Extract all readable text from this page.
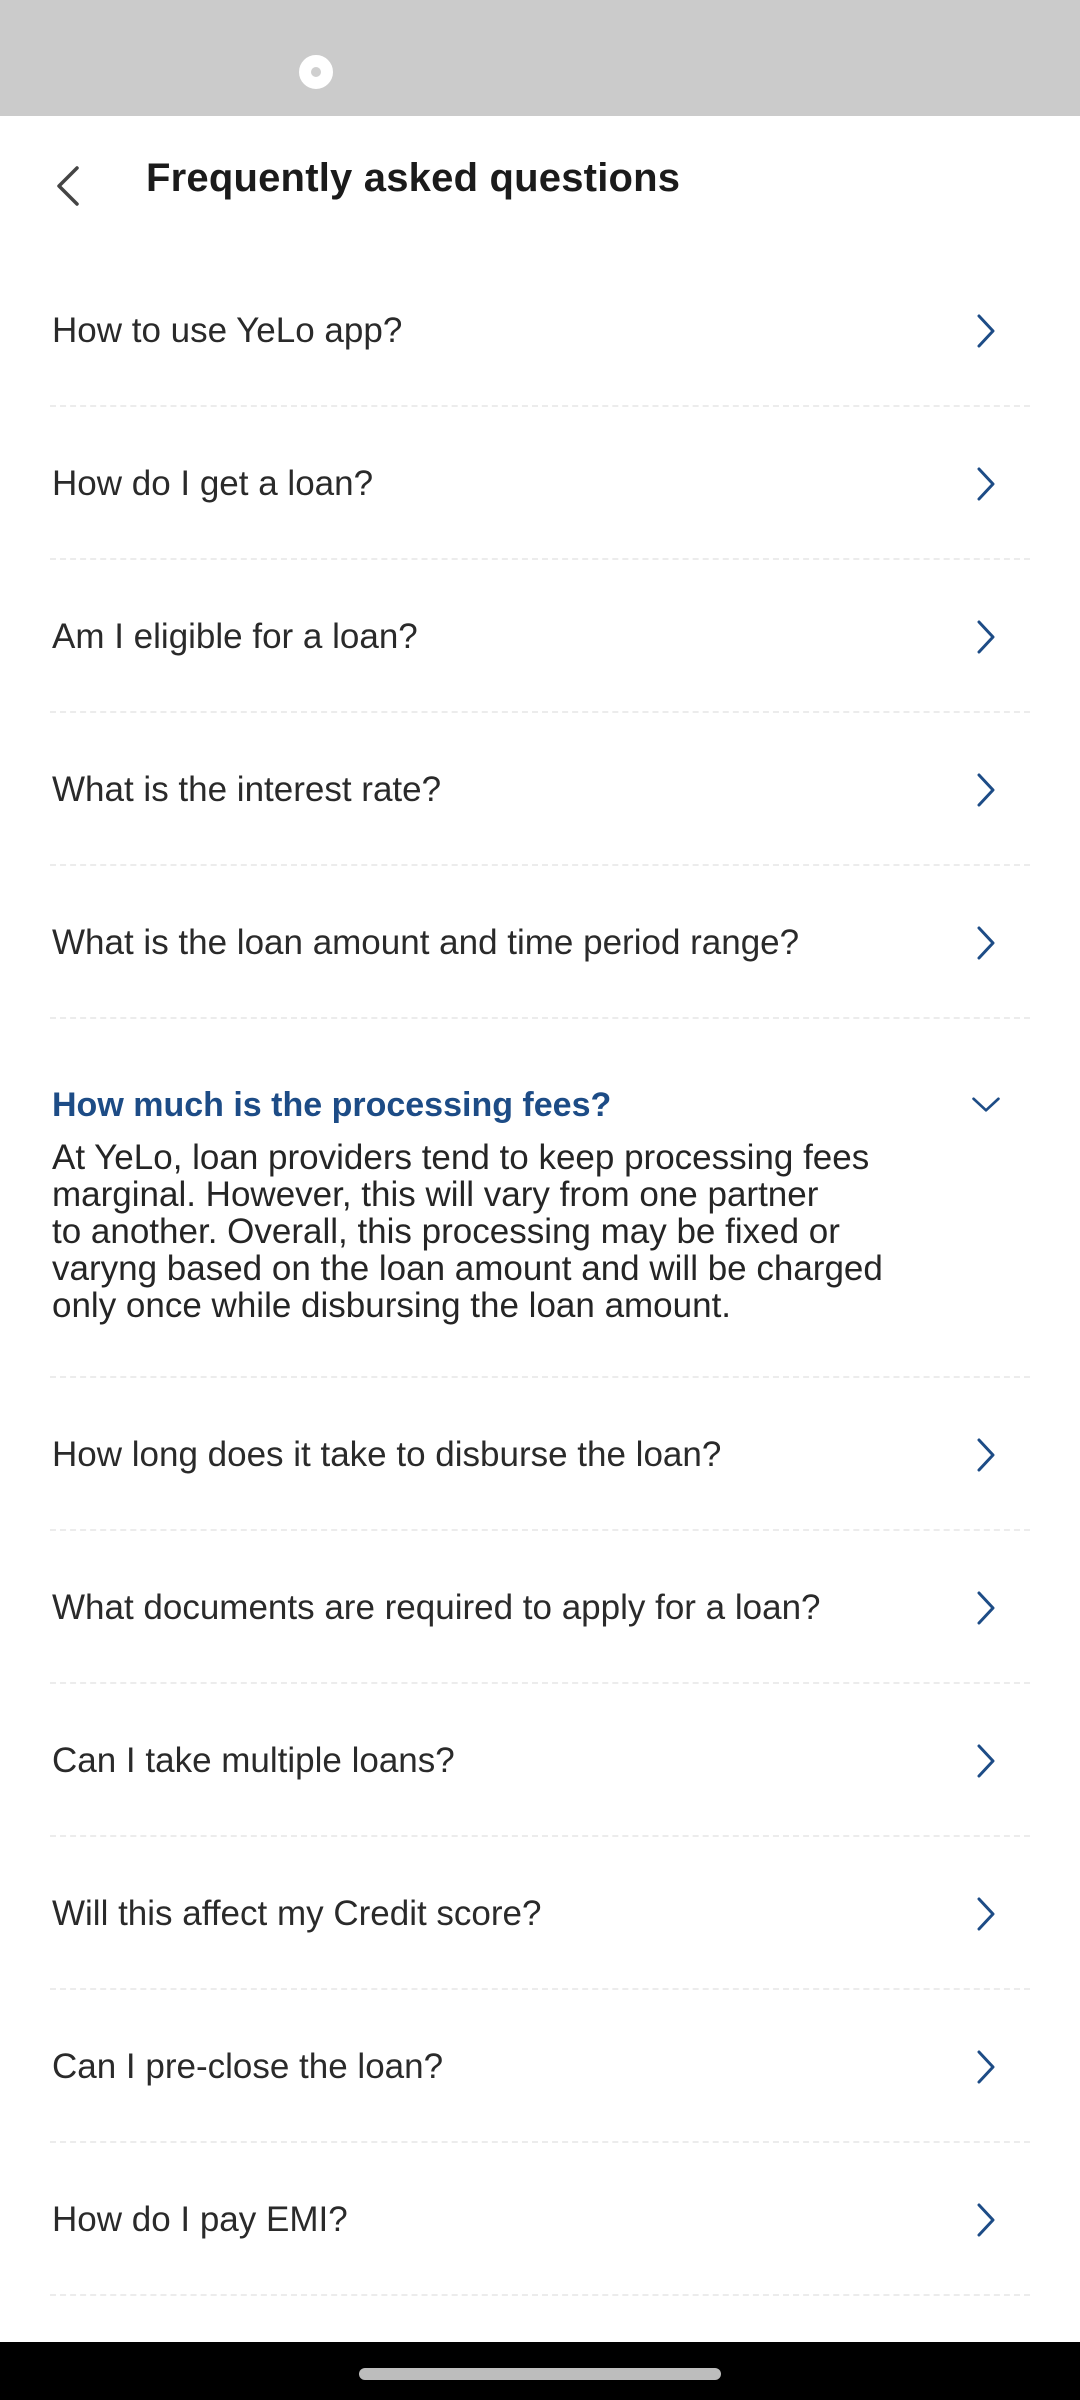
Frequently asked questions
How to use YeLo app?
How do I get a loan?
Am I eligible for a loan?
What is the interest rate?
What is the loan amount and time period range?
How much is the processing fees?
At YeLo, loan providers tend to keep processing fees
marginal. However, this will vary from one partner
to another. Overall, this processing may be fixed or
varyng based on the loan amount and will be charged
only once while disbursing the loan amount.
How long does it take to disburse the loan?
What documents are required to apply for a loan?
Can I take multiple loans?
Will this affect my Credit score?
Can I pre-close the loan?
How do I pay EMI?
